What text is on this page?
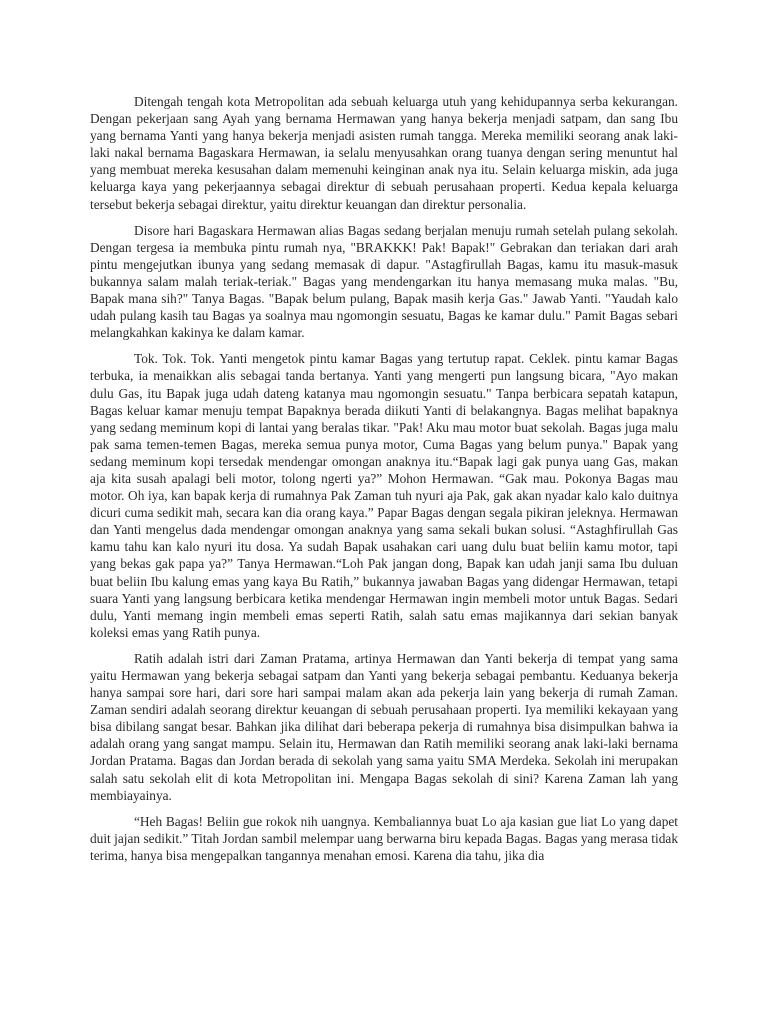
Ditengah tengah kota Metropolitan ada sebuah keluarga utuh yang kehidupannya serba kekurangan. Dengan pekerjaan sang Ayah yang bernama Hermawan yang hanya bekerja menjadi satpam, dan sang Ibu yang bernama Yanti yang hanya bekerja menjadi asisten rumah tangga. Mereka memiliki seorang anak laki-laki nakal bernama Bagaskara Hermawan, ia selalu menyusahkan orang tuanya dengan sering menuntut hal yang membuat mereka kesusahan dalam memenuhi keinginan anak nya itu. Selain keluarga miskin, ada juga keluarga kaya yang pekerjaannya sebagai direktur di sebuah perusahaan properti. Kedua kepala keluarga tersebut bekerja sebagai direktur, yaitu direktur keuangan dan direktur personalia.

Disore hari Bagaskara Hermawan alias Bagas sedang berjalan menuju rumah setelah pulang sekolah. Dengan tergesa ia membuka pintu rumah nya, "BRAKKK! Pak! Bapak!" Gebrakan dan teriakan dari arah pintu mengejutkan ibunya yang sedang memasak di dapur. "Astagfirullah Bagas, kamu itu masuk-masuk bukannya salam malah teriak-teriak." Bagas yang mendengarkan itu hanya memasang muka malas. "Bu, Bapak mana sih?" Tanya Bagas. "Bapak belum pulang, Bapak masih kerja Gas." Jawab Yanti. "Yaudah kalo udah pulang kasih tau Bagas ya soalnya mau ngomongin sesuatu, Bagas ke kamar dulu." Pamit Bagas sebari melangkahkan kakinya ke dalam kamar.

Tok. Tok. Tok. Yanti mengetok pintu kamar Bagas yang tertutup rapat. Ceklek. pintu kamar Bagas terbuka, ia menaikkan alis sebagai tanda bertanya. Yanti yang mengerti pun langsung bicara, "Ayo makan dulu Gas, itu Bapak juga udah dateng katanya mau ngomongin sesuatu." Tanpa berbicara sepatah katapun, Bagas keluar kamar menuju tempat Bapaknya berada diikuti Yanti di belakangnya. Bagas melihat bapaknya yang sedang meminum kopi di lantai yang beralas tikar. "Pak! Aku mau motor buat sekolah. Bagas juga malu pak sama temen-temen Bagas, mereka semua punya motor, Cuma Bagas yang belum punya." Bapak yang sedang meminum kopi tersedak mendengar omongan anaknya itu.“Bapak lagi gak punya uang Gas, makan aja kita susah apalagi beli motor, tolong ngerti ya?” Mohon Hermawan. “Gak mau. Pokonya Bagas mau motor. Oh iya, kan bapak kerja di rumahnya Pak Zaman tuh nyuri aja Pak, gak akan nyadar kalo kalo duitnya dicuri cuma sedikit mah, secara kan dia orang kaya.” Papar Bagas dengan segala pikiran jeleknya. Hermawan dan Yanti mengelus dada mendengar omongan anaknya yang sama sekali bukan solusi. “Astaghfirullah Gas kamu tahu kan kalo nyuri itu dosa. Ya sudah Bapak usahakan cari uang dulu buat beliin kamu motor, tapi yang bekas gak papa ya?” Tanya Hermawan.“Loh Pak jangan dong, Bapak kan udah janji sama Ibu duluan buat beliin Ibu kalung emas yang kaya Bu Ratih,” bukannya jawaban Bagas yang didengar Hermawan, tetapi suara Yanti yang langsung berbicara ketika mendengar Hermawan ingin membeli motor untuk Bagas. Sedari dulu, Yanti memang ingin membeli emas seperti Ratih, salah satu emas majikannya dari sekian banyak koleksi emas yang Ratih punya.

Ratih adalah istri dari Zaman Pratama, artinya Hermawan dan Yanti bekerja di tempat yang sama yaitu Hermawan yang bekerja sebagai satpam dan Yanti yang bekerja sebagai pembantu. Keduanya bekerja hanya sampai sore hari, dari sore hari sampai malam akan ada pekerja lain yang bekerja di rumah Zaman. Zaman sendiri adalah seorang direktur keuangan di sebuah perusahaan properti. Iya memiliki kekayaan yang bisa dibilang sangat besar. Bahkan jika dilihat dari beberapa pekerja di rumahnya bisa disimpulkan bahwa ia adalah orang yang sangat mampu. Selain itu, Hermawan dan Ratih memiliki seorang anak laki-laki bernama Jordan Pratama. Bagas dan Jordan berada di sekolah yang sama yaitu SMA Merdeka. Sekolah ini merupakan salah satu sekolah elit di kota Metropolitan ini. Mengapa Bagas sekolah di sini? Karena Zaman lah yang membiayainya.

“Heh Bagas! Beliin gue rokok nih uangnya. Kembaliannya buat Lo aja kasian gue liat Lo yang dapet duit jajan sedikit.” Titah Jordan sambil melempar uang berwarna biru kepada Bagas. Bagas yang merasa tidak terima, hanya bisa mengepalkan tangannya menahan emosi. Karena dia tahu, jika dia
